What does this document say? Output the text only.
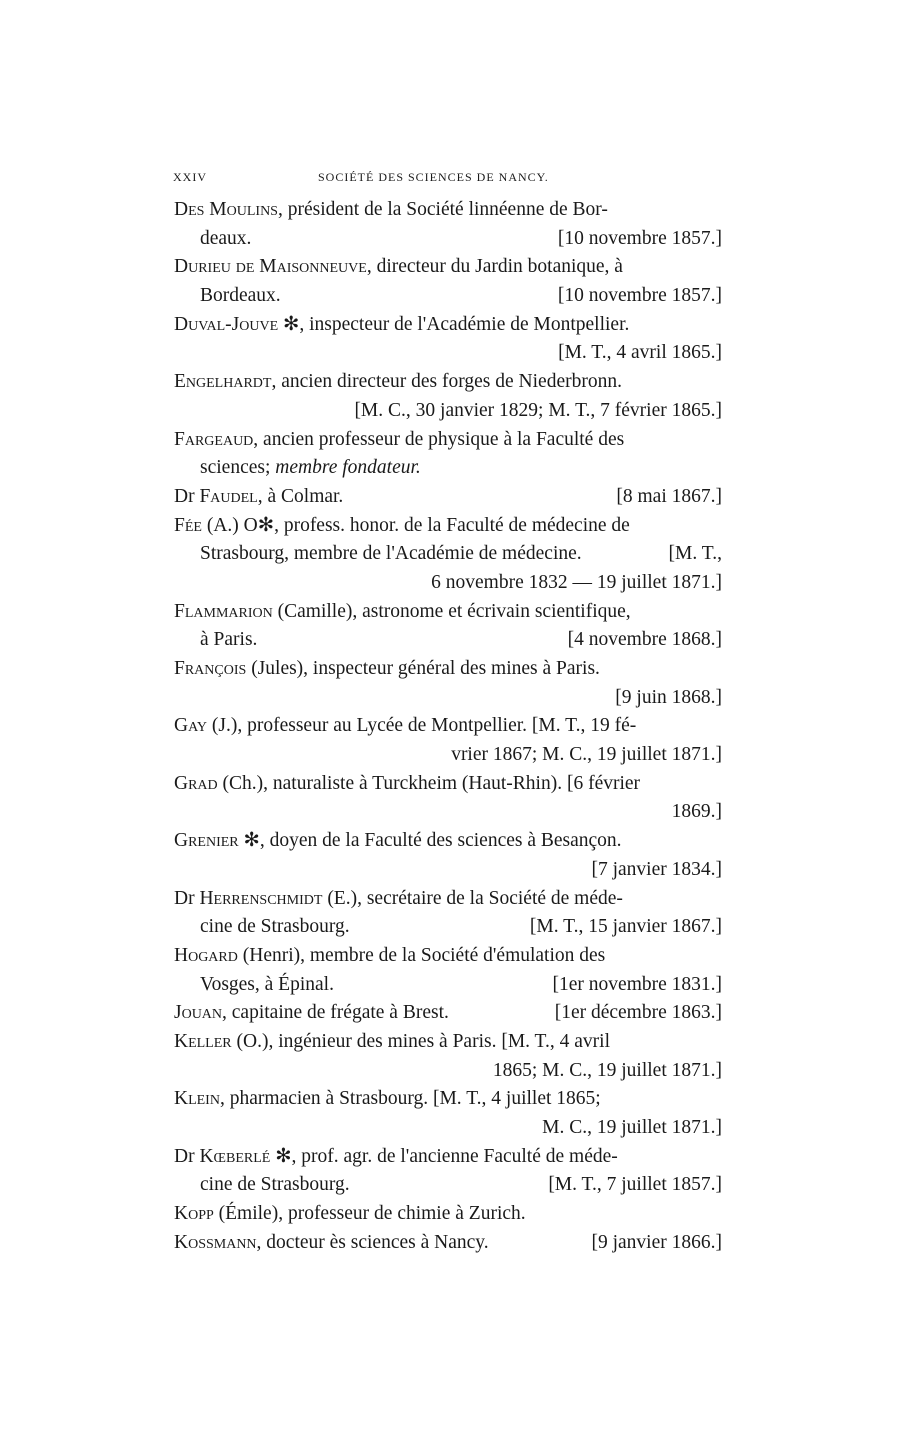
XXIV	SOCIÉTÉ DES SCIENCES DE NANCY.
Des Moulins, président de la Société linnéenne de Bor-
deaux.	[10 novembre 1857.]
Durieu de Maisonneuve, directeur du Jardin botanique, à
Bordeaux.	[10 novembre 1857.]
Duval-Jouve ✻, inspecteur de l'Académie de Montpellier.
[M. T., 4 avril 1865.]
Engelhardt, ancien directeur des forges de Niederbronn.
[M. C., 30 janvier 1829; M. T., 7 février 1865.]
Fargeaud, ancien professeur de physique à la Faculté des
sciences; membre fondateur.
Dr Faudel, à Colmar.	[8 mai 1867.]
Fée (A.) O✻, profess. honor. de la Faculté de médecine de
Strasbourg, membre de l'Académie de médecine.	[M. T.,
6 novembre 1832 — 19 juillet 1871.]
Flammarion (Camille), astronome et écrivain scientifique,
à Paris.	[4 novembre 1868.]
François (Jules), inspecteur général des mines à Paris.
[9 juin 1868.]
Gay (J.), professeur au Lycée de Montpellier. [M. T., 19 fé-
vrier 1867; M. C., 19 juillet 1871.]
Grad (Ch.), naturaliste à Turckheim (Haut-Rhin). [6 février
1869.]
Grenier ✻, doyen de la Faculté des sciences à Besançon.
[7 janvier 1834.]
Dr Herrenschmidt (E.), secrétaire de la Société de méde-
cine de Strasbourg.	[M. T., 15 janvier 1867.]
Hogard (Henri), membre de la Société d'émulation des
Vosges, à Épinal.	[1er novembre 1831.]
Jouan, capitaine de frégate à Brest.	[1er décembre 1863.]
Keller (O.), ingénieur des mines à Paris. [M. T., 4 avril
1865; M. C., 19 juillet 1871.]
Klein, pharmacien à Strasbourg. [M. T., 4 juillet 1865;
M. C., 19 juillet 1871.]
Dr Kœberlé ✻, prof. agr. de l'ancienne Faculté de méde-
cine de Strasbourg.	[M. T., 7 juillet 1857.]
Kopp (Émile), professeur de chimie à Zurich.
Kossmann, docteur ès sciences à Nancy.	[9 janvier 1866.]
